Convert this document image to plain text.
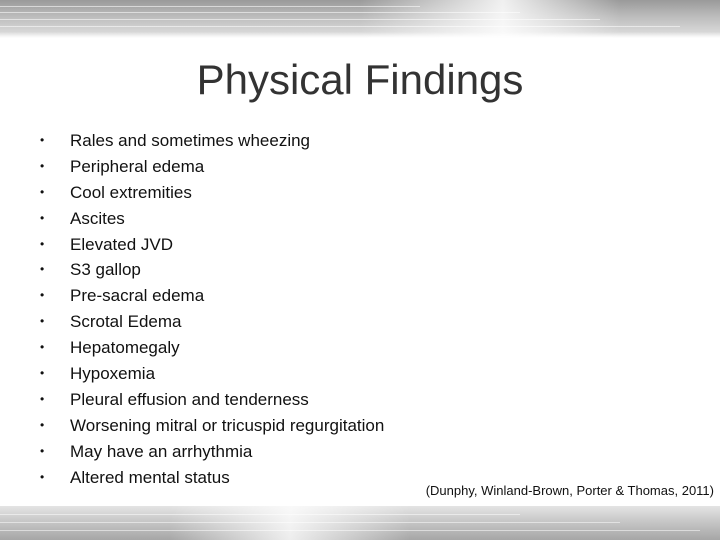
Physical Findings
• Rales and sometimes wheezing
• Peripheral edema
• Cool extremities
• Ascites
• Elevated JVD
• S3 gallop
• Pre-sacral edema
• Scrotal Edema
• Hepatomegaly
• Hypoxemia
• Pleural effusion and tenderness
• Worsening mitral or tricuspid regurgitation
• May have an arrhythmia
• Altered mental status
(Dunphy, Winland-Brown, Porter & Thomas, 2011)
